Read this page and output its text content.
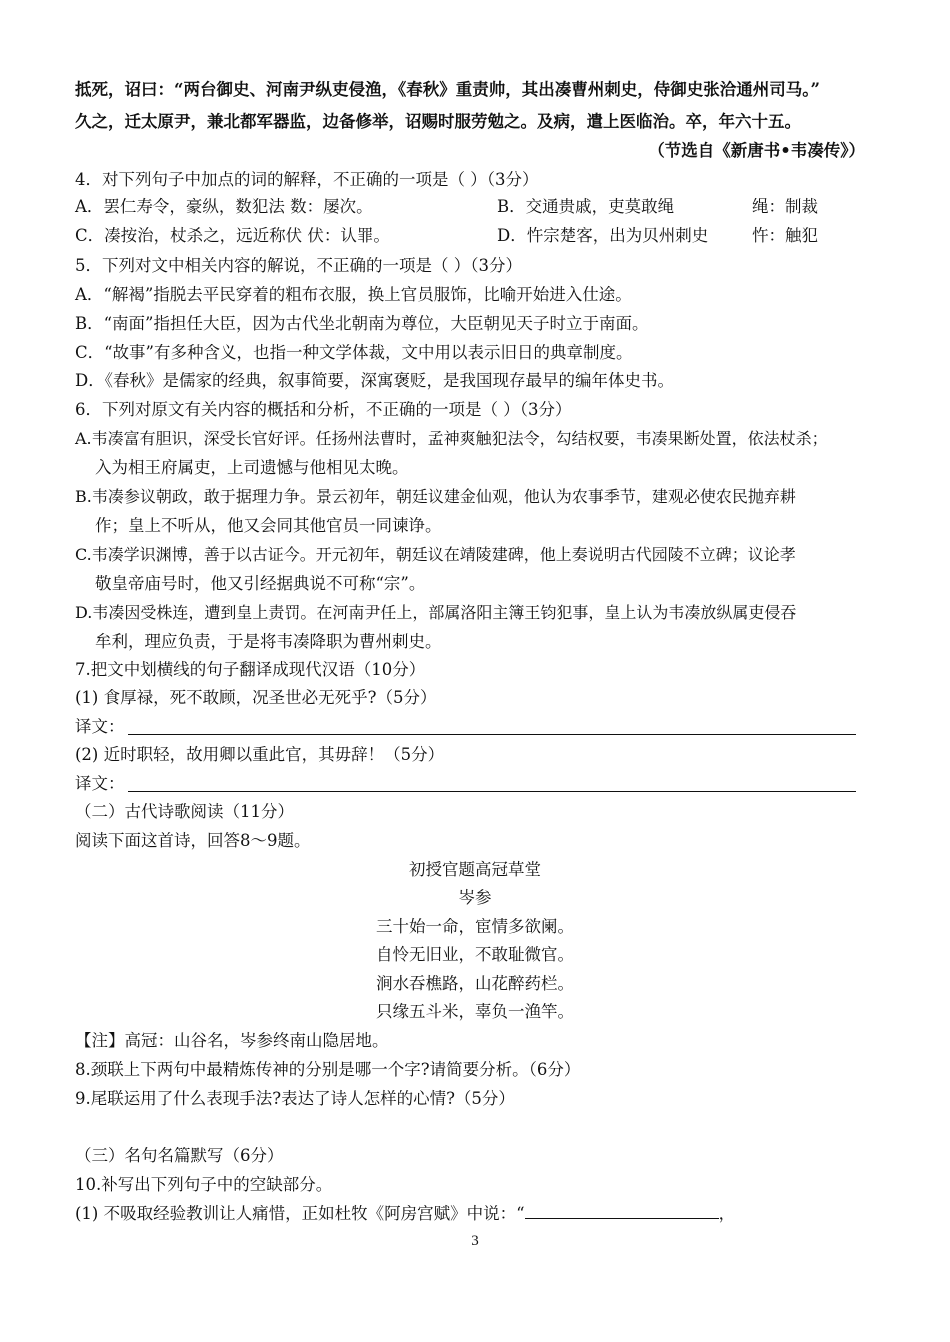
抵死，诏曰：“两台御史、河南尹纵吏侵渔，《春秋》重责帅，其出凑曹州刺史，侍御史张洽通州司马。”
久之，迁太原尹，兼北都军器监，边备修举，诏赐时服劳勉之。及病，遣上医临治。卒，年六十五。
（节选自《新唐书•韦凑传》）
4．对下列句子中加点的词的解释，不正确的一项是（ ）（3分）
A．罢仁寿令，豪纵，数犯法 数：屡次。	B．交通贵戚，吏莫敢绳	绳：制裁
C．凑按治，杖杀之，远近称伏 伏：认罪。	D．忤宗楚客，出为贝州刺史	忤：触犯
5．下列对文中相关内容的解说，不正确的一项是（ ）（3分）
A．“解褐”指脱去平民穿着的粗布衣服，换上官员服饰，比喻开始进入仕途。
B．“南面”指担任大臣，因为古代坐北朝南为尊位，大臣朝见天子时立于南面。
C．“故事”有多种含义，也指一种文学体裁，文中用以表示旧日的典章制度。
D．《春秋》是儒家的经典，叙事简要，深寓褒贬，是我国现存最早的编年体史书。
6．下列对原文有关内容的概括和分析，不正确的一项是（ ）（3分）
A.韦凑富有胆识，深受长官好评。任扬州法曹时，孟神爽触犯法令，勾结权要，韦凑果断处置，依法杖杀；
入为相王府属吏，上司遗憾与他相见太晚。
B.韦凑参议朝政，敢于据理力争。景云初年，朝廷议建金仙观，他认为农事季节，建观必使农民抛弃耕
作；皇上不听从，他又会同其他官员一同谏诤。
C.韦凑学识渊博，善于以古证今。开元初年，朝廷议在靖陵建碑，他上奏说明古代园陵不立碑；议论孝
敬皇帝庙号时，他又引经据典说不可称“宗”。
D.韦凑因受株连，遭到皇上责罚。在河南尹任上，部属洛阳主簿王钧犯事，皇上认为韦凑放纵属吏侵吞
牟利，理应负责，于是将韦凑降职为曹州刺史。
7.把文中划横线的句子翻译成现代汉语（10分）
(1) 食厚禄，死不敢顾，况圣世必无死乎?（5分）
译文：
(2) 近时职轻，故用卿以重此官，其毋辞！（5分）
译文：
（二）古代诗歌阅读（11分）
阅读下面这首诗，回答8～9题。
初授官题高冠草堂
岑参
三十始一命，宦情多欲阑。
自怜无旧业，不敢耻微官。
涧水吞樵路，山花醉药栏。
只缘五斗米，辜负一渔竿。
【注】高冠：山谷名，岑参终南山隐居地。
8.颈联上下两句中最精炼传神的分别是哪一个字?请简要分析。（6分）
9.尾联运用了什么表现手法?表达了诗人怎样的心情?（5分）
（三）名句名篇默写（6分）
10.补写出下列句子中的空缺部分。
(1) 不吸取经验教训让人痛惜，正如杜牧《阿房宫赋》中说：“	，
3
